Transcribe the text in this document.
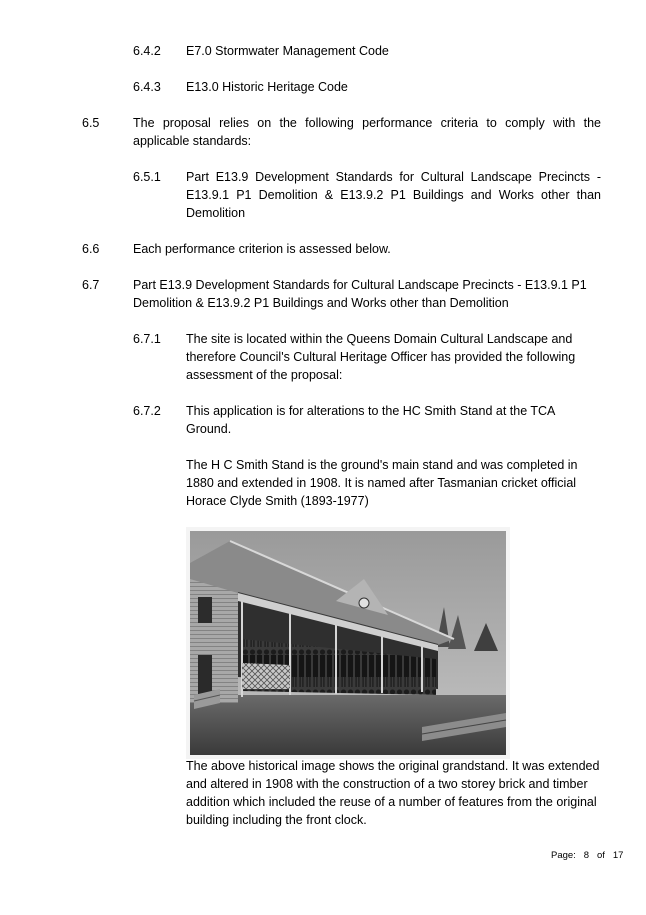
6.4.2 E7.0 Stormwater Management Code
6.4.3 E13.0 Historic Heritage Code
6.5	The proposal relies on the following performance criteria to comply with the applicable standards:
6.5.1 Part E13.9 Development Standards for Cultural Landscape Precincts - E13.9.1 P1 Demolition & E13.9.2 P1 Buildings and Works other than Demolition
6.6	Each performance criterion is assessed below.
6.7	Part E13.9 Development Standards for Cultural Landscape Precincts - E13.9.1 P1 Demolition & E13.9.2 P1 Buildings and Works other than Demolition
6.7.1 The site is located within the Queens Domain Cultural Landscape and therefore Council's Cultural Heritage Officer has provided the following assessment of the proposal:
6.7.2 This application is for alterations to the HC Smith Stand at the TCA Ground.
The H C Smith Stand is the ground's main stand and was completed in 1880 and extended in 1908. It is named after Tasmanian cricket official Horace Clyde Smith (1893-1977)
The above historical image shows the original grandstand. It was extended and altered in 1908 with the construction of a two storey brick and timber addition which included the reuse of a number of features from the original building including the front clock.
Page: 8 of 17
